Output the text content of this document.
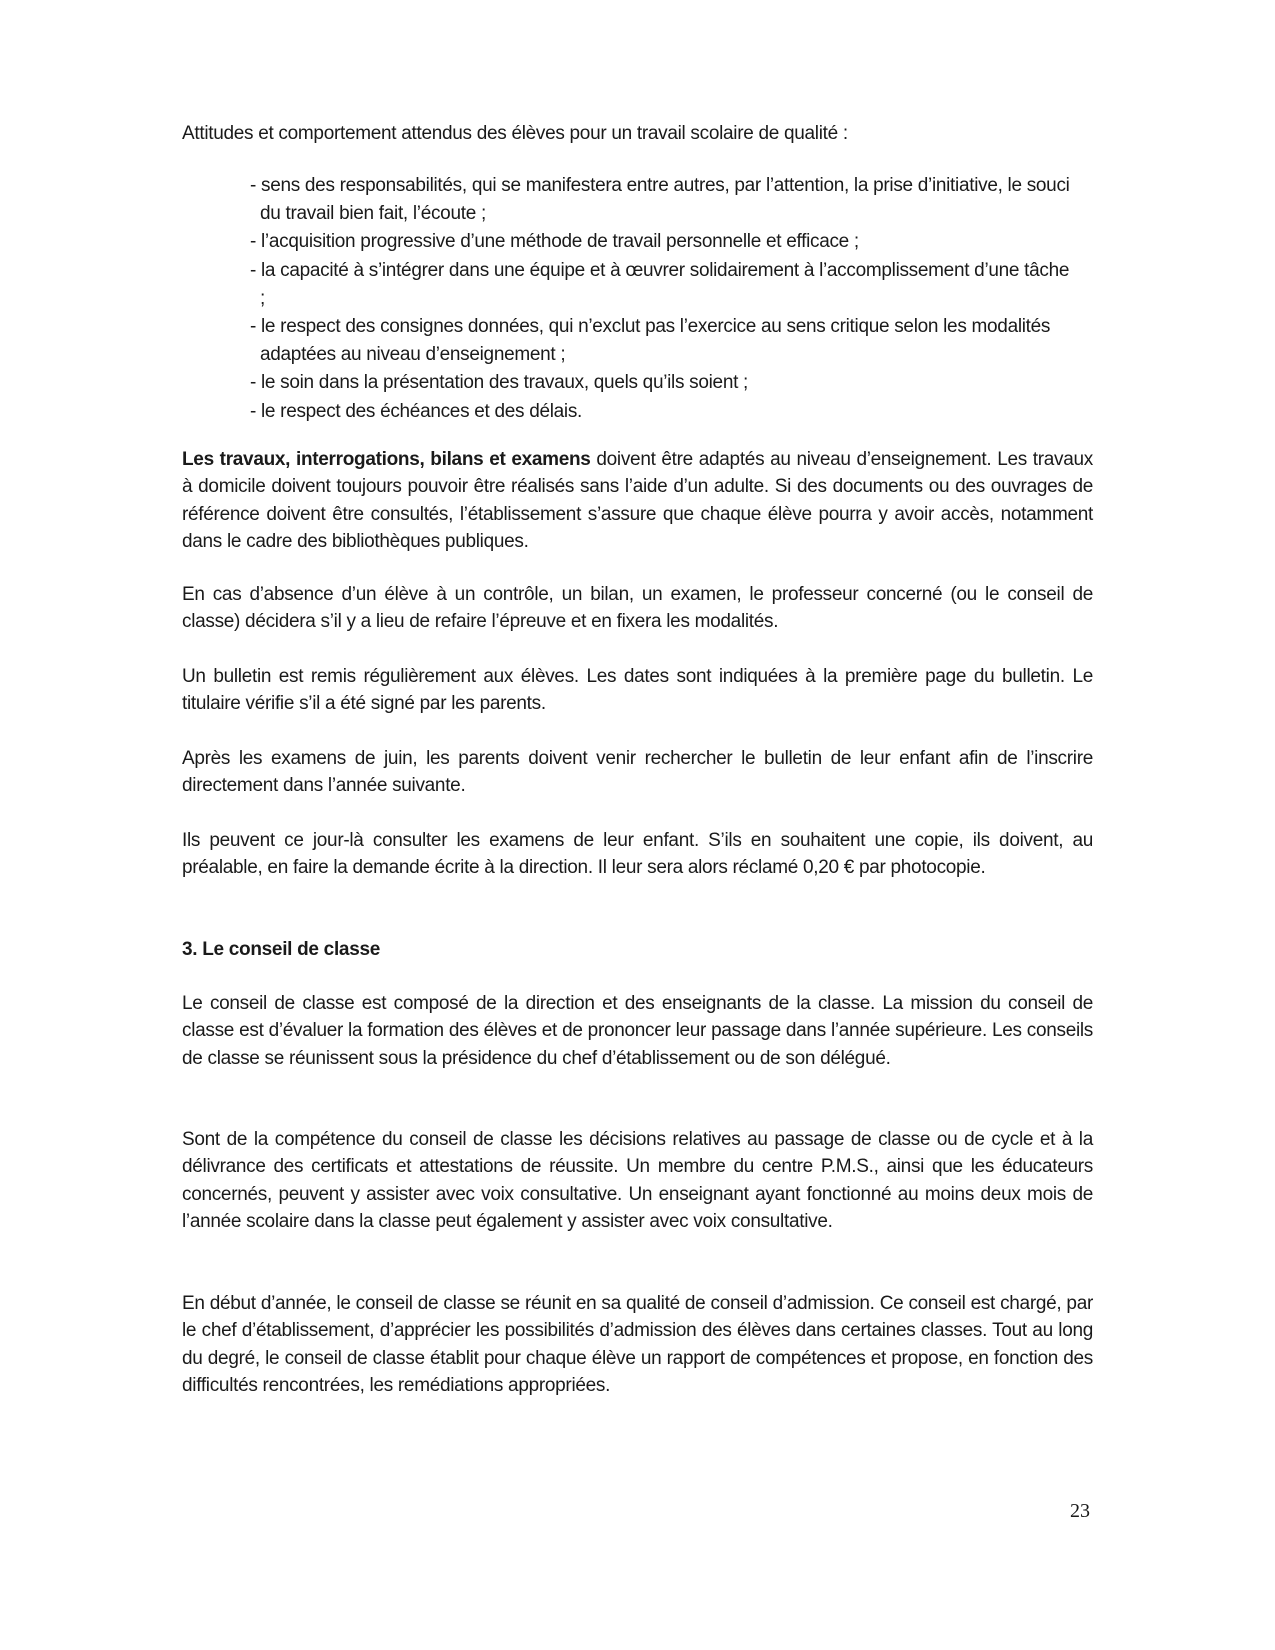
Attitudes et comportement attendus des élèves pour un travail scolaire de qualité :
- sens des responsabilités, qui se manifestera entre autres, par l’attention, la prise d’initiative, le souci du travail bien fait, l’écoute ;
- l’acquisition progressive d’une méthode de travail personnelle et efficace ;
- la capacité à s’intégrer dans une équipe et à œuvrer solidairement à l’accomplissement d’une tâche ;
- le respect des consignes données, qui n’exclut pas l’exercice au sens critique selon les modalités adaptées au niveau d’enseignement ;
- le soin dans la présentation des travaux, quels qu’ils soient ;
- le respect des échéances et des délais.
Les travaux, interrogations, bilans et examens doivent être adaptés au niveau d’enseignement. Les travaux à domicile doivent toujours pouvoir être réalisés sans l’aide d’un adulte. Si des documents ou des ouvrages de référence doivent être consultés, l’établissement s’assure que chaque élève pourra y avoir accès, notamment dans le cadre des bibliothèques publiques.
En cas d’absence d’un élève à un contrôle, un bilan, un examen, le professeur concerné (ou le conseil de classe) décidera s’il y a lieu de refaire l’épreuve et en fixera les modalités.
Un bulletin est remis régulièrement aux élèves. Les dates sont indiquées à la première page du bulletin. Le titulaire vérifie s’il a été signé par les parents.
Après les examens de juin, les parents doivent venir rechercher le bulletin de leur enfant afin de l’inscrire directement dans l’année suivante.
Ils peuvent ce jour-là consulter les examens de leur enfant. S’ils en souhaitent une copie, ils doivent, au préalable, en faire la demande écrite à la direction. Il leur sera alors réclamé 0,20 € par photocopie.
3. Le conseil de classe
Le conseil de classe est composé de la direction et des enseignants de la classe. La mission du conseil de classe est d’évaluer la formation des élèves et de prononcer leur passage dans l’année supérieure. Les conseils de classe se réunissent sous la présidence du chef d’établissement ou de son délégué.
Sont de la compétence du conseil de classe les décisions relatives au passage de classe ou de cycle et à la délivrance des certificats et attestations de réussite. Un membre du centre P.M.S., ainsi que les éducateurs concernés, peuvent y assister avec voix consultative. Un enseignant ayant fonctionné au moins deux mois de l’année scolaire dans la classe peut également y assister avec voix consultative.
En début d’année, le conseil de classe se réunit en sa qualité de conseil d’admission. Ce conseil est chargé, par le chef d’établissement, d’apprécier les possibilités d’admission des élèves dans certaines classes. Tout au long du degré, le conseil de classe établit pour chaque élève un rapport de compétences et propose, en fonction des difficultés rencontrées, les remédiations appropriées.
23
